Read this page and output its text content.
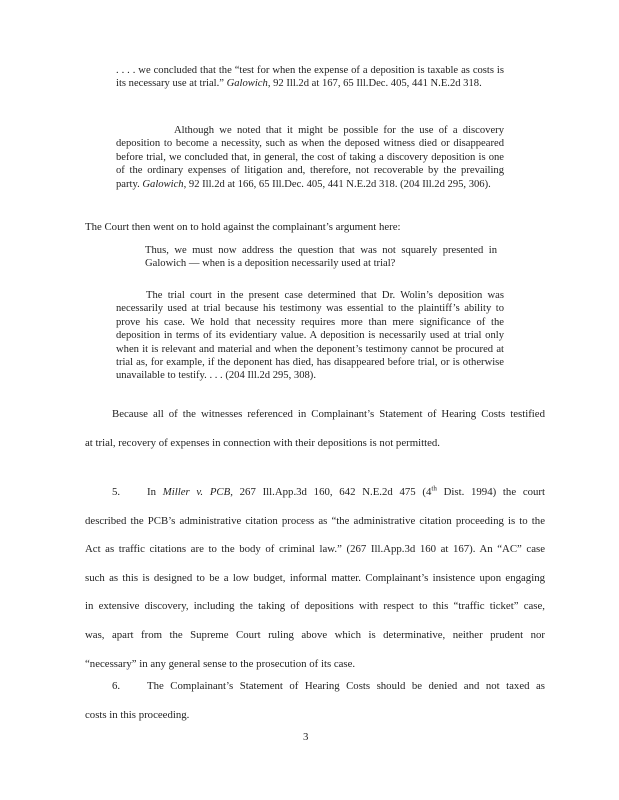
. . . . we concluded that the “test for when the expense of a deposition is taxable as costs is its necessary use at trial.” Galowich, 92 Ill.2d at 167, 65 Ill.Dec. 405, 441 N.E.2d 318.
Although we noted that it might be possible for the use of a discovery deposition to become a necessity, such as when the deposed witness died or disappeared before trial, we concluded that, in general, the cost of taking a discovery deposition is one of the ordinary expenses of litigation and, therefore, not recoverable by the prevailing party. Galowich, 92 Ill.2d at 166, 65 Ill.Dec. 405, 441 N.E.2d 318. (204 Ill.2d 295, 306).
The Court then went on to hold against the complainant’s argument here:
Thus, we must now address the question that was not squarely presented in Galowich — when is a deposition necessarily used at trial?
The trial court in the present case determined that Dr. Wolin’s deposition was necessarily used at trial because his testimony was essential to the plaintiff’s ability to prove his case. We hold that necessity requires more than mere significance of the deposition in terms of its evidentiary value. A deposition is necessarily used at trial only when it is relevant and material and when the deponent’s testimony cannot be procured at trial as, for example, if the deponent has died, has disappeared before trial, or is otherwise unavailable to testify. . . . (204 Ill.2d 295, 308).
Because all of the witnesses referenced in Complainant’s Statement of Hearing Costs testified
at trial, recovery of expenses in connection with their depositions is not permitted.
5. In Miller v. PCB, 267 Ill.App.3d 160, 642 N.E.2d 475 (4th Dist. 1994) the court
described the PCB’s administrative citation process as “the administrative citation proceeding is to the
Act as traffic citations are to the body of criminal law.” (267 Ill.App.3d 160 at 167). An “AC” case
such as this is designed to be a low budget, informal matter. Complainant’s insistence upon engaging
in extensive discovery, including the taking of depositions with respect to this “traffic ticket” case,
was, apart from the Supreme Court ruling above which is determinative, neither prudent nor
“necessary” in any general sense to the prosecution of its case.
6. The Complainant’s Statement of Hearing Costs should be denied and not taxed as
costs in this proceeding.
3
